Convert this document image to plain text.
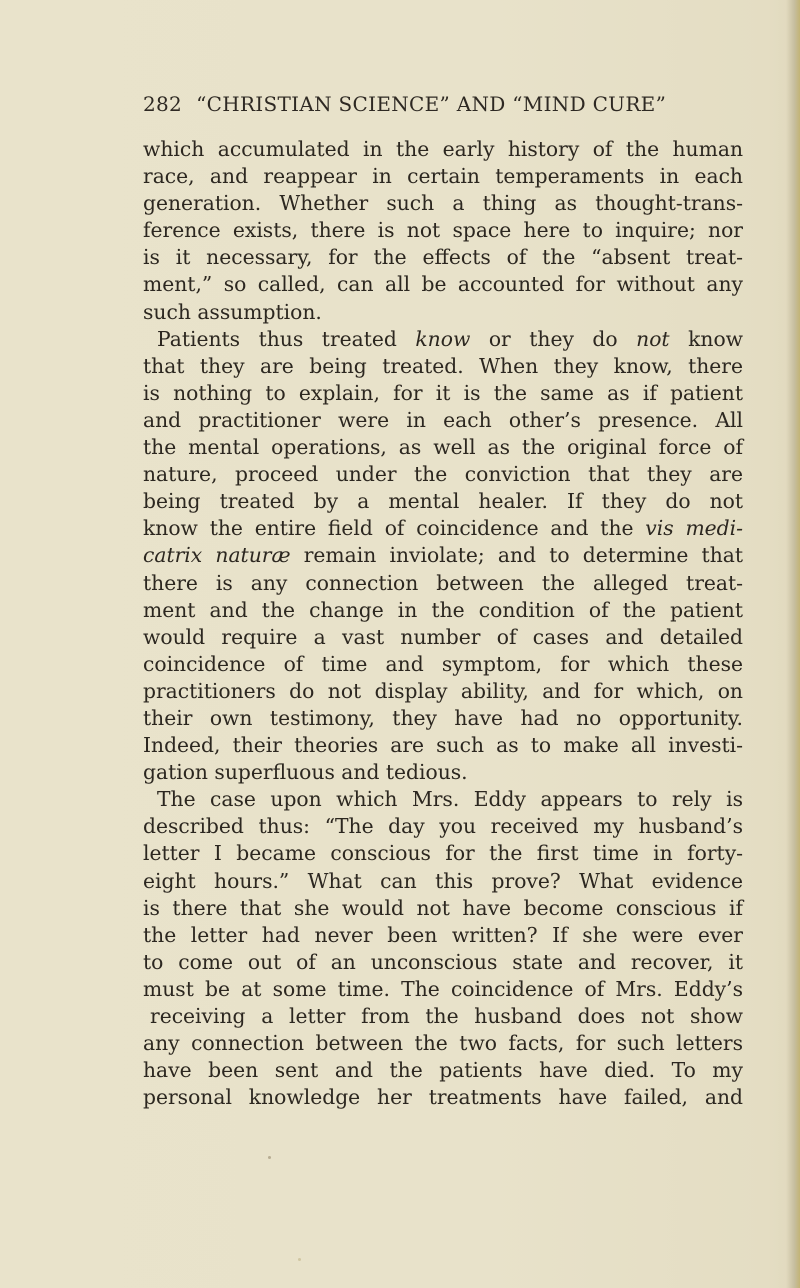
282 “CHRISTIAN SCIENCE” AND “MIND CURE”
which accumulated in the early history of the human
race, and reappear in certain temperaments in each
generation. Whether such a thing as thought-trans-
ference exists, there is not space here to inquire; nor
is it necessary, for the effects of the “absent treat-
ment,” so called, can all be accounted for without any
such assumption.
Patients thus treated know or they do not know
that they are being treated. When they know, there
is nothing to explain, for it is the same as if patient
and practitioner were in each other’s presence. All
the mental operations, as well as the original force of
nature, proceed under the conviction that they are
being treated by a mental healer. If they do not
know the entire field of coincidence and the vis medi-
catrix naturæ remain inviolate; and to determine that
there is any connection between the alleged treat-
ment and the change in the condition of the patient
would require a vast number of cases and detailed
coincidence of time and symptom, for which these
practitioners do not display ability, and for which, on
their own testimony, they have had no opportunity.
Indeed, their theories are such as to make all investi-
gation superfluous and tedious.
The case upon which Mrs. Eddy appears to rely is
described thus: “The day you received my husband’s
letter I became conscious for the first time in forty-
eight hours.” What can this prove? What evidence
is there that she would not have become conscious if
the letter had never been written? If she were ever
to come out of an unconscious state and recover, it
must be at some time. The coincidence of Mrs. Eddy’s
receiving a letter from the husband does not show
any connection between the two facts, for such letters
have been sent and the patients have died. To my
personal knowledge her treatments have failed, and
